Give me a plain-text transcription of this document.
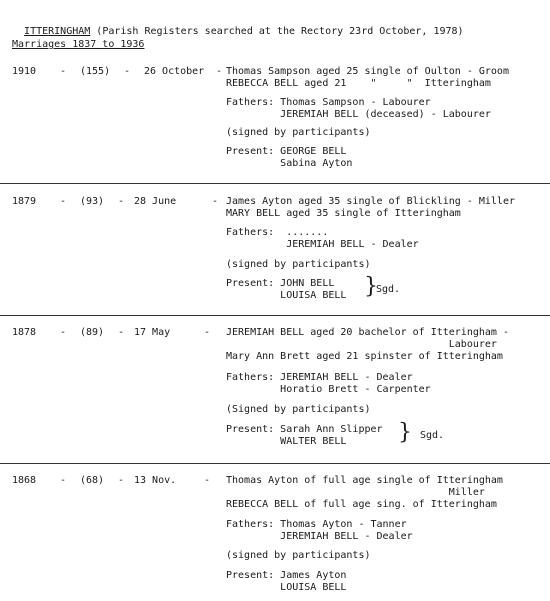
ITTERINGHAM (Parish Registers searched at the Rectory 23rd October, 1978)

Marriages 1837 to 1936
1910 - (155) - 26 October - Thomas Sampson aged 25 single of Oulton - Groom
REBECCA BELL aged 21    "     "  Itteringham
Fathers: Thomas Sampson - Labourer
JEREMIAH BELL (deceased) - Labourer
(signed by participants)
Present: GEORGE BELL
Sabina Ayton
1879 - (93) - 28 June	- James Ayton aged 35 single of Blickling - Miller
MARY BELL aged 35 single of Itteringham
Fathers:  .......
JEREMIAH BELL - Dealer
(signed by participants)
Present: JOHN BELL
LOUISA BELL }
Sgd.
1878 - (89) - 17 May	- JEREMIAH BELL aged 20 bachelor of Itteringham -
Labourer
Mary Ann Brett aged 21 spinster of Itteringham
Fathers: JEREMIAH BELL - Dealer
Horatio Brett - Carpenter
(Signed by participants)
Present: Sarah Ann Slipper
WALTER BELL } Sgd.
1868 - (68) - 13 Nov.	- Thomas Ayton of full age single of Itteringham
Miller
REBECCA BELL of full age sing. of Itteringham
Fathers: Thomas Ayton - Tanner
JEREMIAH BELL - Dealer
(signed by participants)
Present: James Ayton
LOUISA BELL
